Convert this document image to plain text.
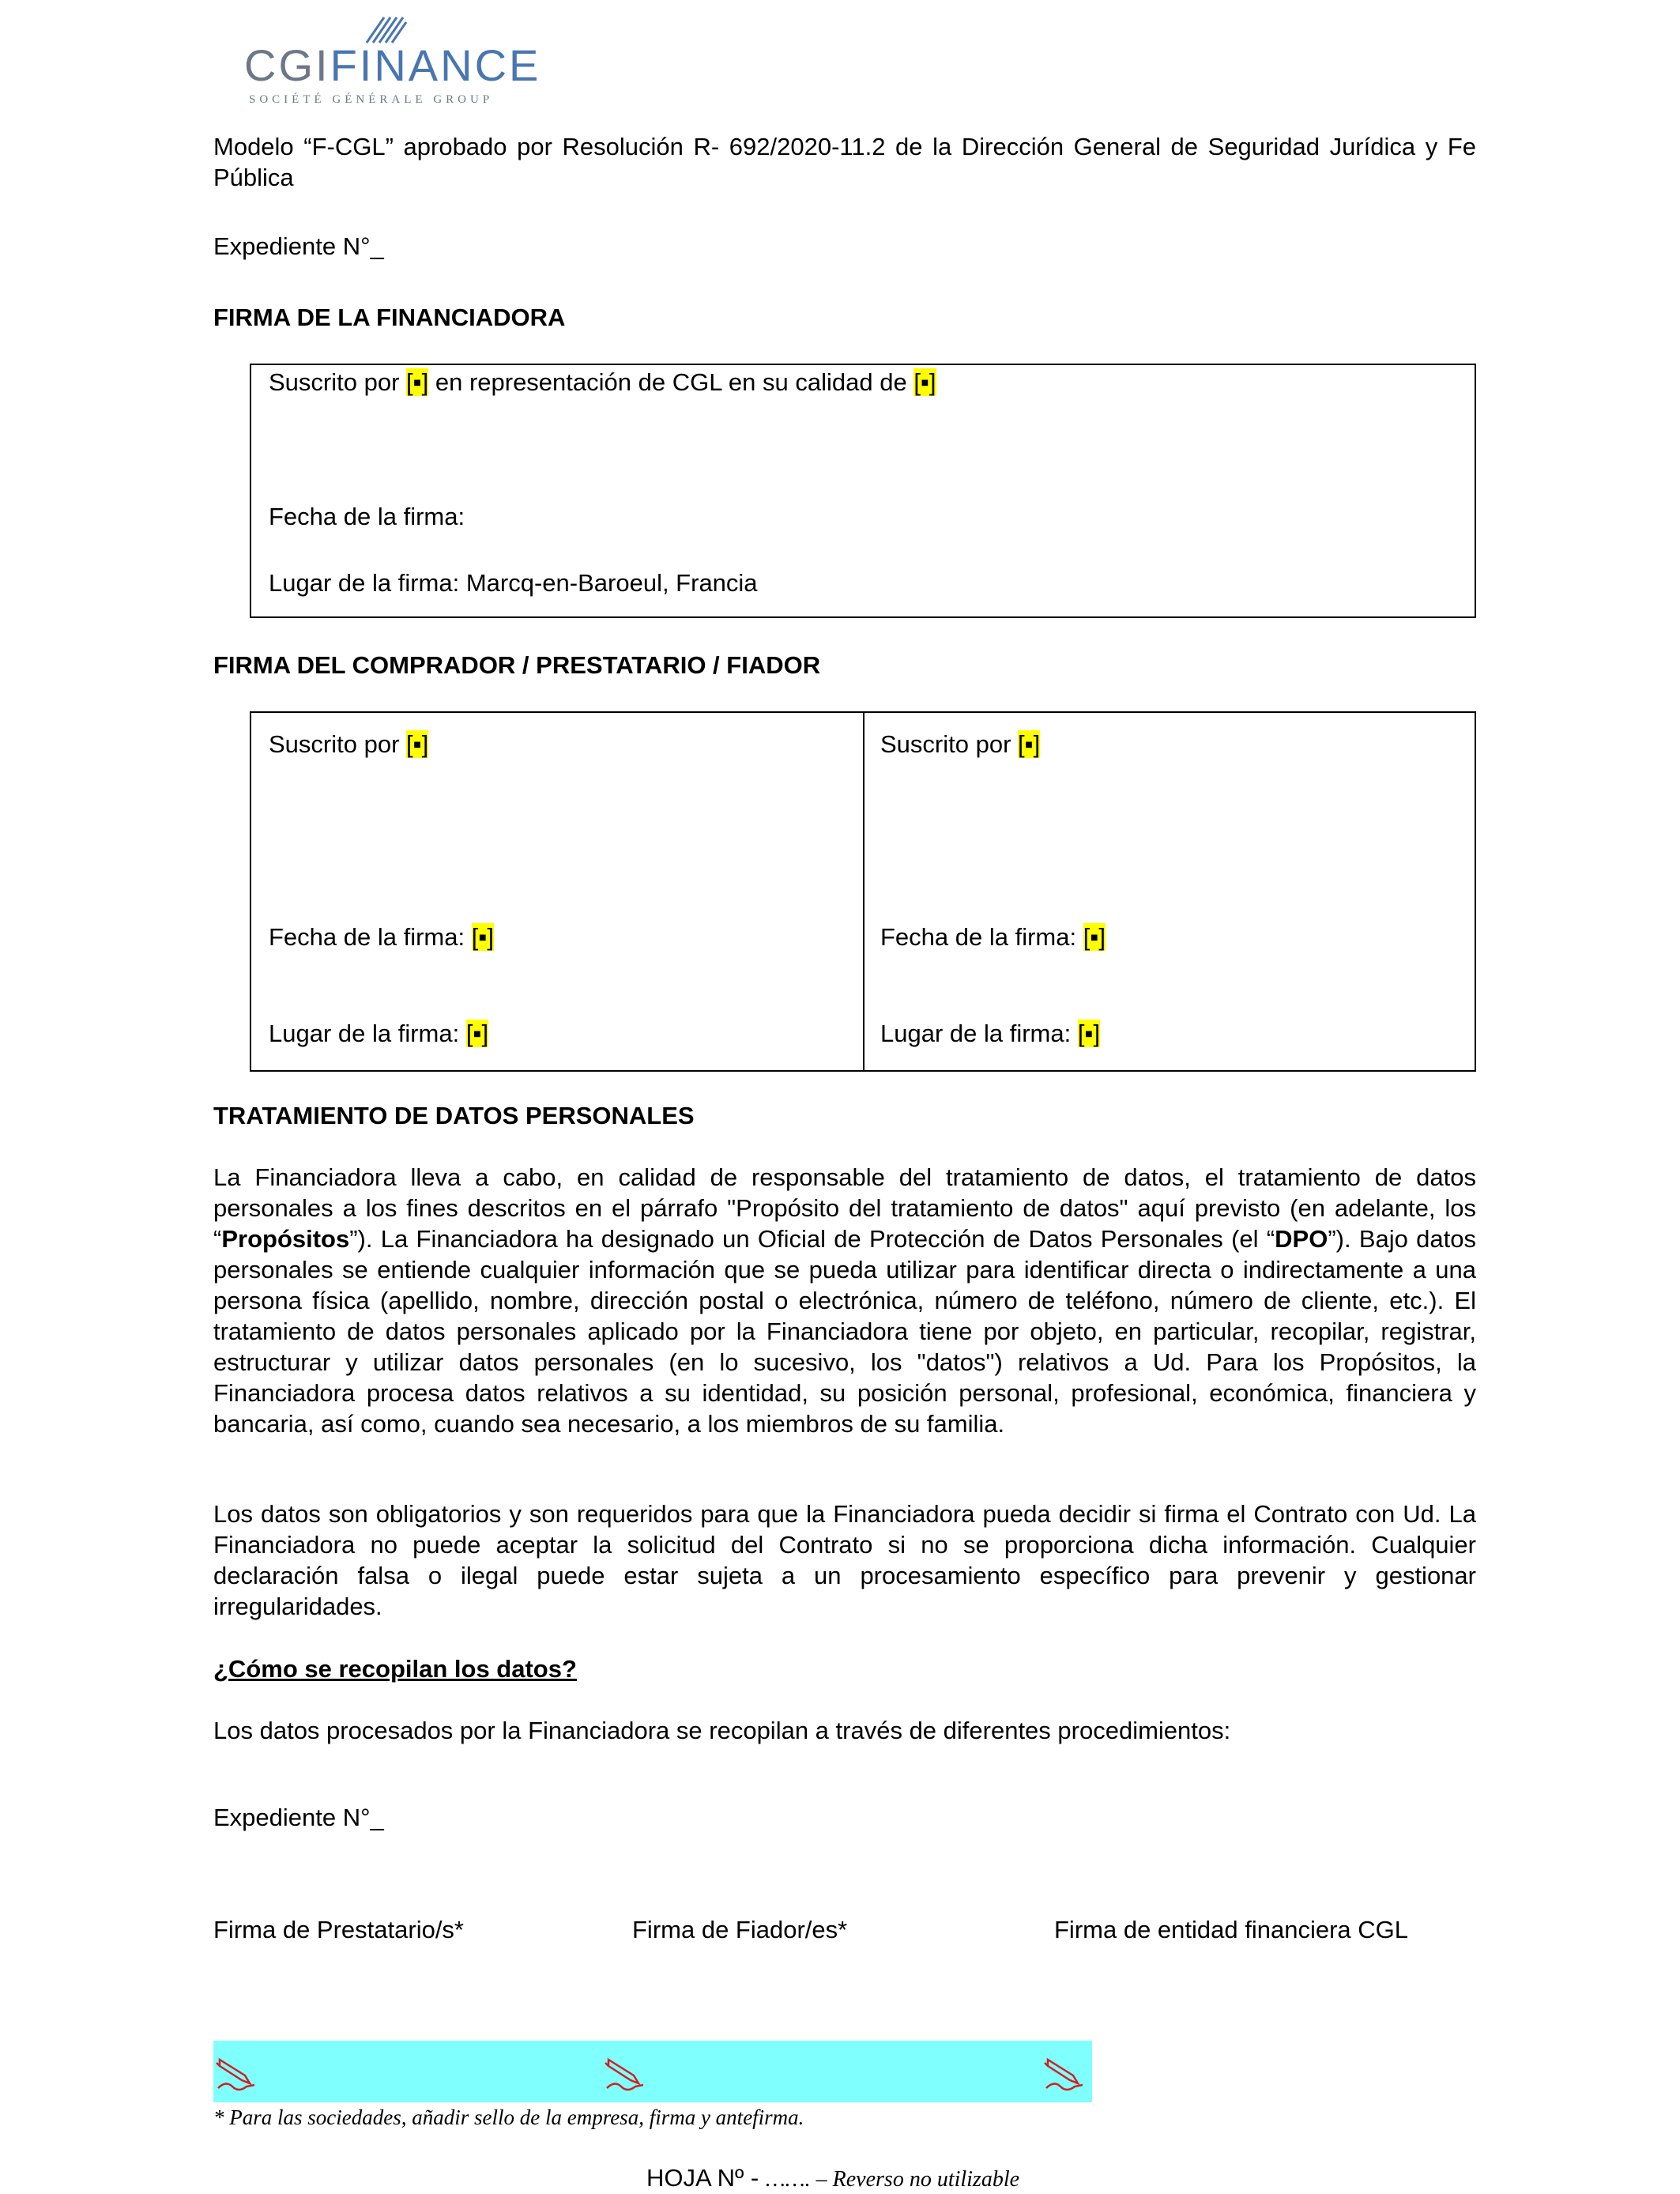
CGIFINANCE
SOCIÉTÉ GÉNÉRALE GROUP
Modelo “F-CGL” aprobado por Resolución R- 692/2020-11.2 de la Dirección General de Seguridad Jurídica y Fe Pública
Expediente N°_
FIRMA DE LA FINANCIADORA
Suscrito por [▪] en representación de CGL en su calidad de [▪]
Fecha de la firma:
Lugar de la firma: Marcq-en-Baroeul, Francia
FIRMA DEL COMPRADOR / PRESTATARIO / FIADOR
Suscrito por [▪]
Fecha de la firma: [▪]
Lugar de la firma: [▪]
Suscrito por [▪]
Fecha de la firma: [▪]
Lugar de la firma: [▪]
TRATAMIENTO DE DATOS PERSONALES
La Financiadora lleva a cabo, en calidad de responsable del tratamiento de datos, el tratamiento de datos personales a los fines descritos en el párrafo "Propósito del tratamiento de datos" aquí previsto (en adelante, los “Propósitos”). La Financiadora ha designado un Oficial de Protección de Datos Personales (el “DPO”). Bajo datos personales se entiende cualquier información que se pueda utilizar para identificar directa o indirectamente a una persona física (apellido, nombre, dirección postal o electrónica, número de teléfono, número de cliente, etc.). El tratamiento de datos personales aplicado por la Financiadora tiene por objeto, en particular, recopilar, registrar, estructurar y utilizar datos personales (en lo sucesivo, los "datos") relativos a Ud. Para los Propósitos, la Financiadora procesa datos relativos a su identidad, su posición personal, profesional, económica, financiera y bancaria, así como, cuando sea necesario, a los miembros de su familia.
Los datos son obligatorios y son requeridos para que la Financiadora pueda decidir si firma el Contrato con Ud. La Financiadora no puede aceptar la solicitud del Contrato si no se proporciona dicha información. Cualquier declaración falsa o ilegal puede estar sujeta a un procesamiento específico para prevenir y gestionar irregularidades.
¿Cómo se recopilan los datos?
Los datos procesados por la Financiadora se recopilan a través de diferentes procedimientos:
Expediente N°_
Firma de Prestatario/s*	Firma de Fiador/es*	Firma de entidad financiera CGL
* Para las sociedades, añadir sello de la empresa, firma y antefirma.
HOJA Nº - ……. – Reverso no utilizable
